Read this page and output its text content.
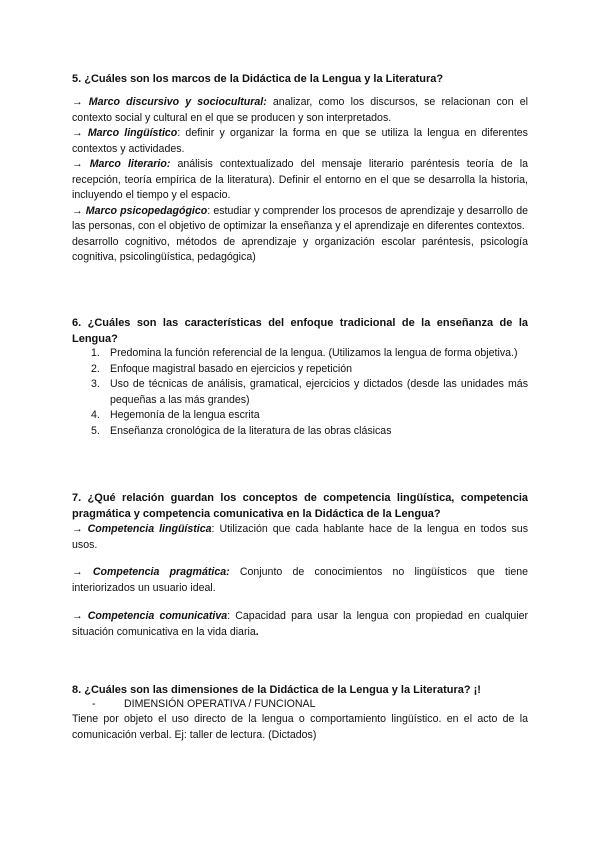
5. ¿Cuáles son los marcos de la Didáctica de la Lengua y la Literatura?

→ Marco discursivo y sociocultural: analizar, como los discursos, se relacionan con el contexto social y cultural en el que se producen y son interpretados.

→ Marco lingüístico: definir y organizar la forma en que se utiliza la lengua en diferentes contextos y actividades.

→ Marco literario: análisis contextualizado del mensaje literario paréntesis teoría de la recepción, teoría empírica de la literatura). Definir el entorno en el que se desarrolla la historia, incluyendo el tiempo y el espacio.

→ Marco psicopedagógico: estudiar y comprender los procesos de aprendizaje y desarrollo de las personas, con el objetivo de optimizar la enseñanza y el aprendizaje en diferentes contextos.

desarrollo cognitivo, métodos de aprendizaje y organización escolar paréntesis, psicología cognitiva, psicolingüística, pedagógica)

6. ¿Cuáles son las características del enfoque tradicional de la enseñanza de la Lengua?
1. Predomina la función referencial de la lengua. (Utilizamos la lengua de forma objetiva.)
2. Enfoque magistral basado en ejercicios y repetición
3. Uso de técnicas de análisis, gramatical, ejercicios y dictados (desde las unidades más pequeñas a las más grandes)
4. Hegemonía de la lengua escrita
5. Enseñanza cronológica de la literatura de las obras clásicas
7. ¿Qué relación guardan los conceptos de competencia lingüística, competencia pragmática y competencia comunicativa en la Didáctica de la Lengua?
→ Competencia lingüística: Utilización que cada hablante hace de la lengua en todos sus usos.
→ Competencia pragmática: Conjunto de conocimientos no lingüísticos que tiene interiorizados un usuario ideal.
→ Competencia comunicativa: Capacidad para usar la lengua con propiedad en cualquier situación comunicativa en la vida diaria.
8. ¿Cuáles son las dimensiones de la Didáctica de la Lengua y la Literatura? ¡!
-	DIMENSIÓN OPERATIVA / FUNCIONAL
Tiene por objeto el uso directo de la lengua o comportamiento lingüístico. en el acto de la comunicación verbal. Ej: taller de lectura. (Dictados)
